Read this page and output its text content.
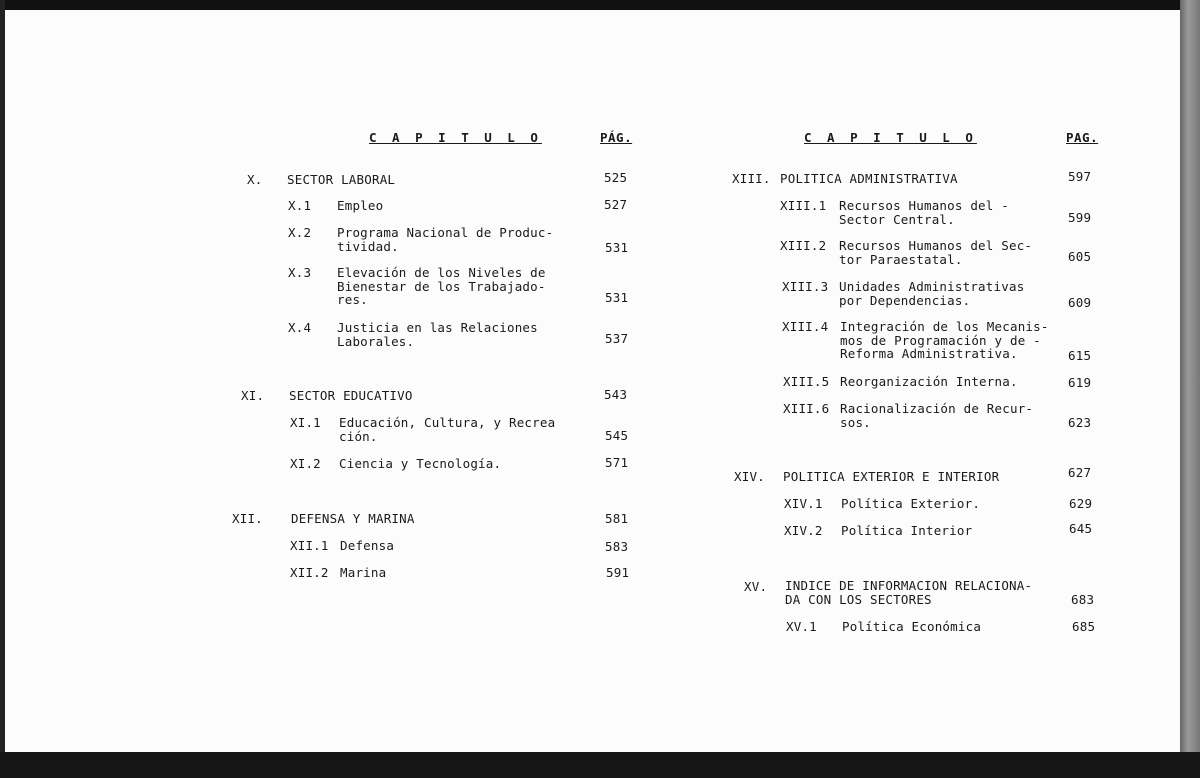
C A P I T U L O	PÁG.
X. SECTOR LABORAL	525
X.1 Empleo	527
X.2 Programa Nacional de Produc-
tividad.	531
X.3 Elevación de los Niveles de
Bienestar de los Trabajado-
res.	531
X.4 Justicia en las Relaciones
Laborales.	537
XI. SECTOR EDUCATIVO	543
XI.1 Educación, Cultura, y Recrea
ción.	545
XI.2 Ciencia y Tecnología.	571
XII. DEFENSA Y MARINA	581
XII.1 Defensa	583
XII.2 Marina	591
C A P I T U L O	PAG.
XIII. POLITICA ADMINISTRATIVA	597
XIII.1 Recursos Humanos del -
Sector Central.	599
XIII.2 Recursos Humanos del Sec-
tor Paraestatal.	605
XIII.3 Unidades Administrativas
por Dependencias.	609
XIII.4 Integración de los Mecanis-
mos de Programación y de -
Reforma Administrativa.	615
XIII.5 Reorganización Interna.	619
XIII.6 Racionalización de Recur-
sos.	623
XIV. POLITICA EXTERIOR E INTERIOR	627
XIV.1 Política Exterior.	629
XIV.2 Política Interior	645
XV. INDICE DE INFORMACION RELACIONA-
DA CON LOS SECTORES	683
XV.1 Política Económica	685
